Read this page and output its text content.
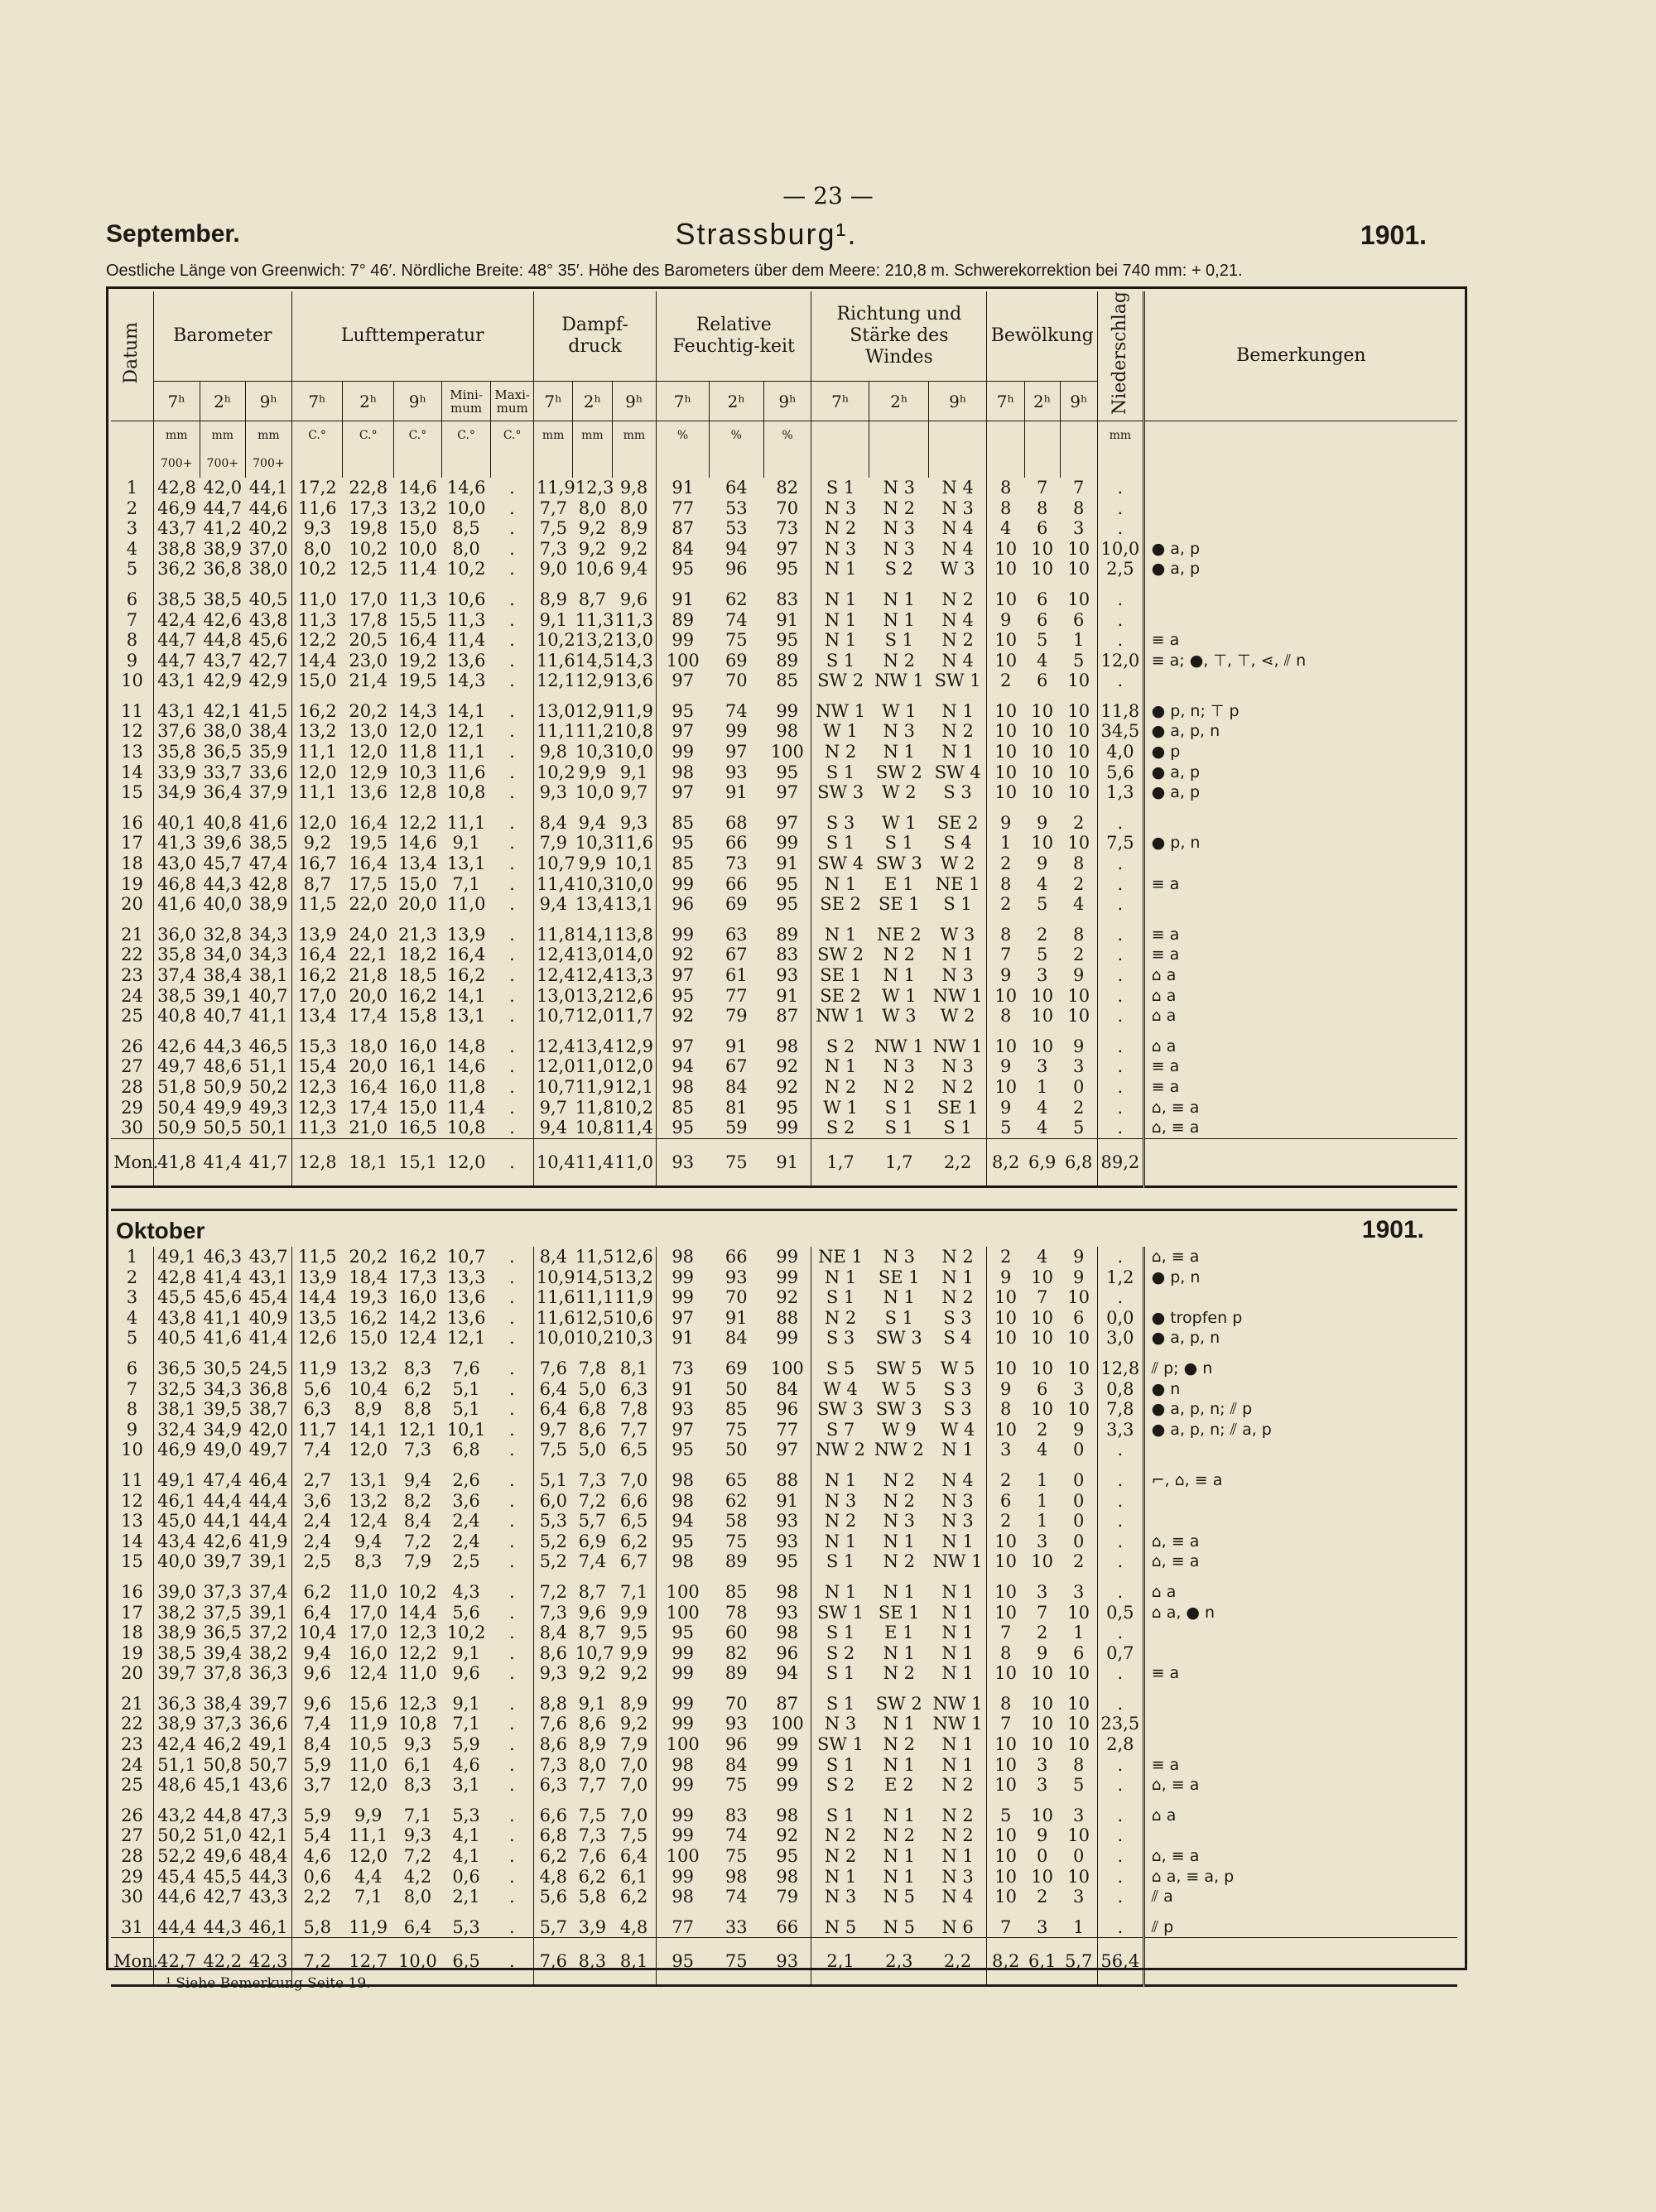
— 23 —
September.	Strassburg¹.	1901.
Oestliche Länge von Greenwich: 7° 46′. Nördliche Breite: 48° 35′. Höhe des Barometers über dem Meere: 210,8 m. Schwerekorrektion bei 740 mm: + 0,21.
Datum	Barometer			Lufttemperatur					Dampf-druck			Relative Feuchtig-keit			Richtung und Stärke des Windes			Bewölkung			Niederschlag	Bemerkungen
	7ʰ	2ʰ	9ʰ	7ʰ	2ʰ	9ʰ	Mini-mum	Maxi-mum	7ʰ	2ʰ	9ʰ	7ʰ	2ʰ	9ʰ	7ʰ	2ʰ	9ʰ	7ʰ	2ʰ	9ʰ		
	mm	mm	mm	C.°	C.°	C.°	C.°	C.°	mm	mm	mm	%	%	%							mm	
	700+	700+	700+																			
1	42,8	42,0	44,1	17,2	22,8	14,6	14,6	.	11,9	12,3	9,8	91	64	82	S 1	N 3	N 4	8	7	7	.	
2	46,9	44,7	44,6	11,6	17,3	13,2	10,0	.	7,7	8,0	8,0	77	53	70	N 3	N 2	N 3	8	8	8	.	
3	43,7	41,2	40,2	9,3	19,8	15,0	8,5	.	7,5	9,2	8,9	87	53	73	N 2	N 3	N 4	4	6	3	.	
4	38,8	38,9	37,0	8,0	10,2	10,0	8,0	.	7,3	9,2	9,2	84	94	97	N 3	N 3	N 4	10	10	10	10,0	● a, p
5	36,2	36,8	38,0	10,2	12,5	11,4	10,2	.	9,0	10,6	9,4	95	96	95	N 1	S 2	W 3	10	10	10	2,5	● a, p
6	38,5	38,5	40,5	11,0	17,0	11,3	10,6	.	8,9	8,7	9,6	91	62	83	N 1	N 1	N 2	10	6	10	.	
7	42,4	42,6	43,8	11,3	17,8	15,5	11,3	.	9,1	11,3	11,3	89	74	91	N 1	N 1	N 4	9	6	6	.	
8	44,7	44,8	45,6	12,2	20,5	16,4	11,4	.	10,2	13,2	13,0	99	75	95	N 1	S 1	N 2	10	5	1	.	≡ a
9	44,7	43,7	42,7	14,4	23,0	19,2	13,6	.	11,6	14,5	14,3	100	69	89	S 1	N 2	N 4	10	4	5	12,0	≡ a; ●, ⊤, ⊤, ⋖, ⫽ n
10	43,1	42,9	42,9	15,0	21,4	19,5	14,3	.	12,1	12,9	13,6	97	70	85	SW 2	NW 1	SW 1	2	6	10	.	
11	43,1	42,1	41,5	16,2	20,2	14,3	14,1	.	13,0	12,9	11,9	95	74	99	NW 1	W 1	N 1	10	10	10	11,8	● p, n; ⊤ p
12	37,6	38,0	38,4	13,2	13,0	12,0	12,1	.	11,1	11,2	10,8	97	99	98	W 1	N 3	N 2	10	10	10	34,5	● a, p, n
13	35,8	36,5	35,9	11,1	12,0	11,8	11,1	.	9,8	10,3	10,0	99	97	100	N 2	N 1	N 1	10	10	10	4,0	● p
14	33,9	33,7	33,6	12,0	12,9	10,3	11,6	.	10,2	9,9	9,1	98	93	95	S 1	SW 2	SW 4	10	10	10	5,6	● a, p
15	34,9	36,4	37,9	11,1	13,6	12,8	10,8	.	9,3	10,0	9,7	97	91	97	SW 3	W 2	S 3	10	10	10	1,3	● a, p
16	40,1	40,8	41,6	12,0	16,4	12,2	11,1	.	8,4	9,4	9,3	85	68	97	S 3	W 1	SE 2	9	9	2	.	
17	41,3	39,6	38,5	9,2	19,5	14,6	9,1	.	7,9	10,3	11,6	95	66	99	S 1	S 1	S 4	1	10	10	7,5	● p, n
18	43,0	45,7	47,4	16,7	16,4	13,4	13,1	.	10,7	9,9	10,1	85	73	91	SW 4	SW 3	W 2	2	9	8	.	
19	46,8	44,3	42,8	8,7	17,5	15,0	7,1	.	11,4	10,3	10,0	99	66	95	N 1	E 1	NE 1	8	4	2	.	≡ a
20	41,6	40,0	38,9	11,5	22,0	20,0	11,0	.	9,4	13,4	13,1	96	69	95	SE 2	SE 1	S 1	2	5	4	.	
21	36,0	32,8	34,3	13,9	24,0	21,3	13,9	.	11,8	14,1	13,8	99	63	89	N 1	NE 2	W 3	8	2	8	.	≡ a
22	35,8	34,0	34,3	16,4	22,1	18,2	16,4	.	12,4	13,0	14,0	92	67	83	SW 2	N 2	N 1	7	5	2	.	≡ a
23	37,4	38,4	38,1	16,2	21,8	18,5	16,2	.	12,4	12,4	13,3	97	61	93	SE 1	N 1	N 3	9	3	9	.	⌂ a
24	38,5	39,1	40,7	17,0	20,0	16,2	14,1	.	13,0	13,2	12,6	95	77	91	SE 2	W 1	NW 1	10	10	10	.	⌂ a
25	40,8	40,7	41,1	13,4	17,4	15,8	13,1	.	10,7	12,0	11,7	92	79	87	NW 1	W 3	W 2	8	10	10	.	⌂ a
26	42,6	44,3	46,5	15,3	18,0	16,0	14,8	.	12,4	13,4	12,9	97	91	98	S 2	NW 1	NW 1	10	10	9	.	⌂ a
27	49,7	48,6	51,1	15,4	20,0	16,1	14,6	.	12,0	11,0	12,0	94	67	92	N 1	N 3	N 3	9	3	3	.	≡ a
28	51,8	50,9	50,2	12,3	16,4	16,0	11,8	.	10,7	11,9	12,1	98	84	92	N 2	N 2	N 2	10	1	0	.	≡ a
29	50,4	49,9	49,3	12,3	17,4	15,0	11,4	.	9,7	11,8	10,2	85	81	95	W 1	S 1	SE 1	9	4	2	.	⌂, ≡ a
30	50,9	50,5	50,1	11,3	21,0	16,5	10,8	.	9,4	10,8	11,4	95	59	99	S 2	S 1	S 1	5	4	5	.	⌂, ≡ a
Mon.	41,8	41,4	41,7	12,8	18,1	15,1	12,0	.	10,4	11,4	11,0	93	75	91	1,7	1,7	2,2	8,2	6,9	6,8	89,2	
Oktober	1901.
1	49,1	46,3	43,7	11,5	20,2	16,2	10,7	.	8,4	11,5	12,6	98	66	99	NE 1	N 3	N 2	2	4	9	.	⌂, ≡ a
2	42,8	41,4	43,1	13,9	18,4	17,3	13,3	.	10,9	14,5	13,2	99	93	99	N 1	SE 1	N 1	9	10	9	1,2	● p, n
3	45,5	45,6	45,4	14,4	19,3	16,0	13,6	.	11,6	11,1	11,9	99	70	92	S 1	N 1	N 2	10	7	10	.	
4	43,8	41,1	40,9	13,5	16,2	14,2	13,6	.	11,6	12,5	10,6	97	91	88	N 2	S 1	S 3	10	10	6	0,0	● tropfen p
5	40,5	41,6	41,4	12,6	15,0	12,4	12,1	.	10,0	10,2	10,3	91	84	99	S 3	SW 3	S 4	10	10	10	3,0	● a, p, n
6	36,5	30,5	24,5	11,9	13,2	8,3	7,6	.	7,6	7,8	8,1	73	69	100	S 5	SW 5	W 5	10	10	10	12,8	⫽ p; ● n
7	32,5	34,3	36,8	5,6	10,4	6,2	5,1	.	6,4	5,0	6,3	91	50	84	W 4	W 5	S 3	9	6	3	0,8	● n
8	38,1	39,5	38,7	6,3	8,9	8,8	5,1	.	6,4	6,8	7,8	93	85	96	SW 3	SW 3	S 3	8	10	10	7,8	● a, p, n; ⫽ p
9	32,4	34,9	42,0	11,7	14,1	12,1	10,1	.	9,7	8,6	7,7	97	75	77	S 7	W 9	W 4	10	2	9	3,3	● a, p, n; ⫽ a, p
10	46,9	49,0	49,7	7,4	12,0	7,3	6,8	.	7,5	5,0	6,5	95	50	97	NW 2	NW 2	N 1	3	4	0	.	
11	49,1	47,4	46,4	2,7	13,1	9,4	2,6	.	5,1	7,3	7,0	98	65	88	N 1	N 2	N 4	2	1	0	.	⌐, ⌂, ≡ a
12	46,1	44,4	44,4	3,6	13,2	8,2	3,6	.	6,0	7,2	6,6	98	62	91	N 3	N 2	N 3	6	1	0	.	
13	45,0	44,1	44,4	2,4	12,4	8,4	2,4	.	5,3	5,7	6,5	94	58	93	N 2	N 3	N 3	2	1	0	.	
14	43,4	42,6	41,9	2,4	9,4	7,2	2,4	.	5,2	6,9	6,2	95	75	93	N 1	N 1	N 1	10	3	0	.	⌂, ≡ a
15	40,0	39,7	39,1	2,5	8,3	7,9	2,5	.	5,2	7,4	6,7	98	89	95	S 1	N 2	NW 1	10	10	2	.	⌂, ≡ a
16	39,0	37,3	37,4	6,2	11,0	10,2	4,3	.	7,2	8,7	7,1	100	85	98	N 1	N 1	N 1	10	3	3	.	⌂ a
17	38,2	37,5	39,1	6,4	17,0	14,4	5,6	.	7,3	9,6	9,9	100	78	93	SW 1	SE 1	N 1	10	7	10	0,5	⌂ a, ● n
18	38,9	36,5	37,2	10,4	17,0	12,3	10,2	.	8,4	8,7	9,5	95	60	98	S 1	E 1	N 1	7	2	1	.	
19	38,5	39,4	38,2	9,4	16,0	12,2	9,1	.	8,6	10,7	9,9	99	82	96	S 2	N 1	N 1	8	9	6	0,7	
20	39,7	37,8	36,3	9,6	12,4	11,0	9,6	.	9,3	9,2	9,2	99	89	94	S 1	N 2	N 1	10	10	10	.	≡ a
21	36,3	38,4	39,7	9,6	15,6	12,3	9,1	.	8,8	9,1	8,9	99	70	87	S 1	SW 2	NW 1	8	10	10	.	
22	38,9	37,3	36,6	7,4	11,9	10,8	7,1	.	7,6	8,6	9,2	99	93	100	N 3	N 1	NW 1	7	10	10	23,5	
23	42,4	46,2	49,1	8,4	10,5	9,3	5,9	.	8,6	8,9	7,9	100	96	99	SW 1	N 2	N 1	10	10	10	2,8	
24	51,1	50,8	50,7	5,9	11,0	6,1	4,6	.	7,3	8,0	7,0	98	84	99	S 1	N 1	N 1	10	3	8	.	≡ a
25	48,6	45,1	43,6	3,7	12,0	8,3	3,1	.	6,3	7,7	7,0	99	75	99	S 2	E 2	N 2	10	3	5	.	⌂, ≡ a
26	43,2	44,8	47,3	5,9	9,9	7,1	5,3	.	6,6	7,5	7,0	99	83	98	S 1	N 1	N 2	5	10	3	.	⌂ a
27	50,2	51,0	42,1	5,4	11,1	9,3	4,1	.	6,8	7,3	7,5	99	74	92	N 2	N 2	N 2	10	9	10	.	
28	52,2	49,6	48,4	4,6	12,0	7,2	4,1	.	6,2	7,6	6,4	100	75	95	N 2	N 1	N 1	10	0	0	.	⌂, ≡ a
29	45,4	45,5	44,3	0,6	4,4	4,2	0,6	.	4,8	6,2	6,1	99	98	98	N 1	N 1	N 3	10	10	10	.	⌂ a, ≡ a, p
30	44,6	42,7	43,3	2,2	7,1	8,0	2,1	.	5,6	5,8	6,2	98	74	79	N 3	N 5	N 4	10	2	3	.	⫽ a
31	44,4	44,3	46,1	5,8	11,9	6,4	5,3	.	5,7	3,9	4,8	77	33	66	N 5	N 5	N 6	7	3	1	.	⫽ p
Mon.	42,7	42,2	42,3	7,2	12,7	10,0	6,5	.	7,6	8,3	8,1	95	75	93	2,1	2,3	2,2	8,2	6,1	5,7	56,4	
¹ Siehe Bemerkung Seite 19.
